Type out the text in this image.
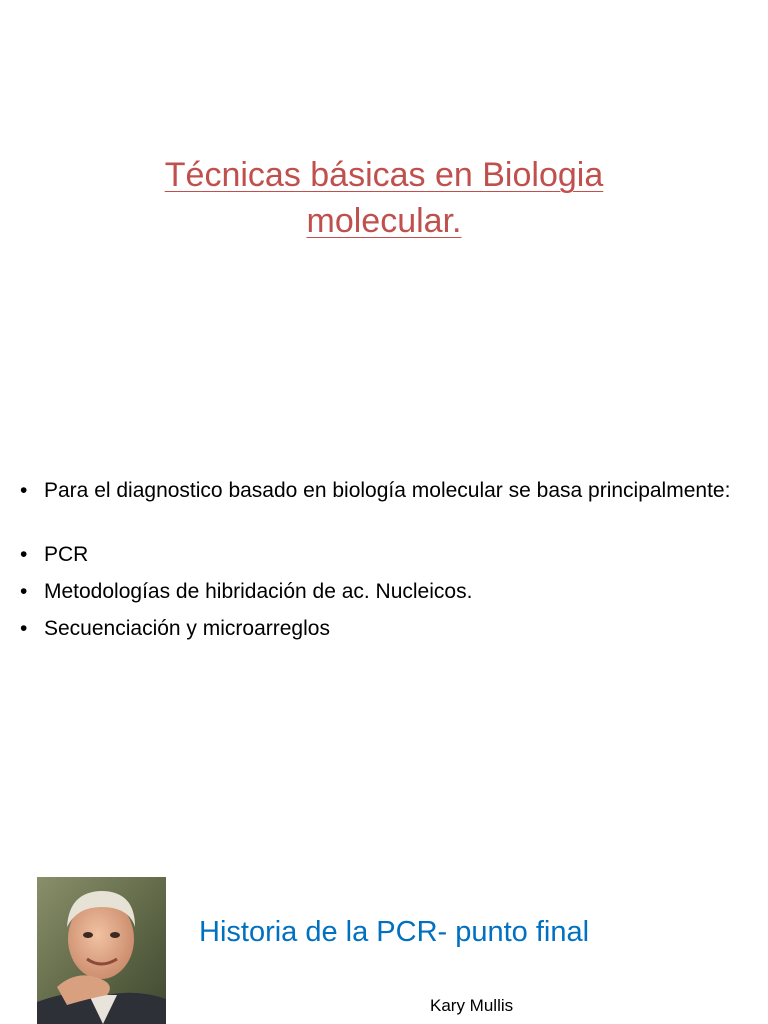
Técnicas básicas en Biologia
molecular.
• Para el diagnostico basado en biología molecular se basa principalmente:
• PCR
• Metodologías de hibridación de ac. Nucleicos.
• Secuenciación y microarreglos
Historia de la PCR- punto final
Kary Mullis
